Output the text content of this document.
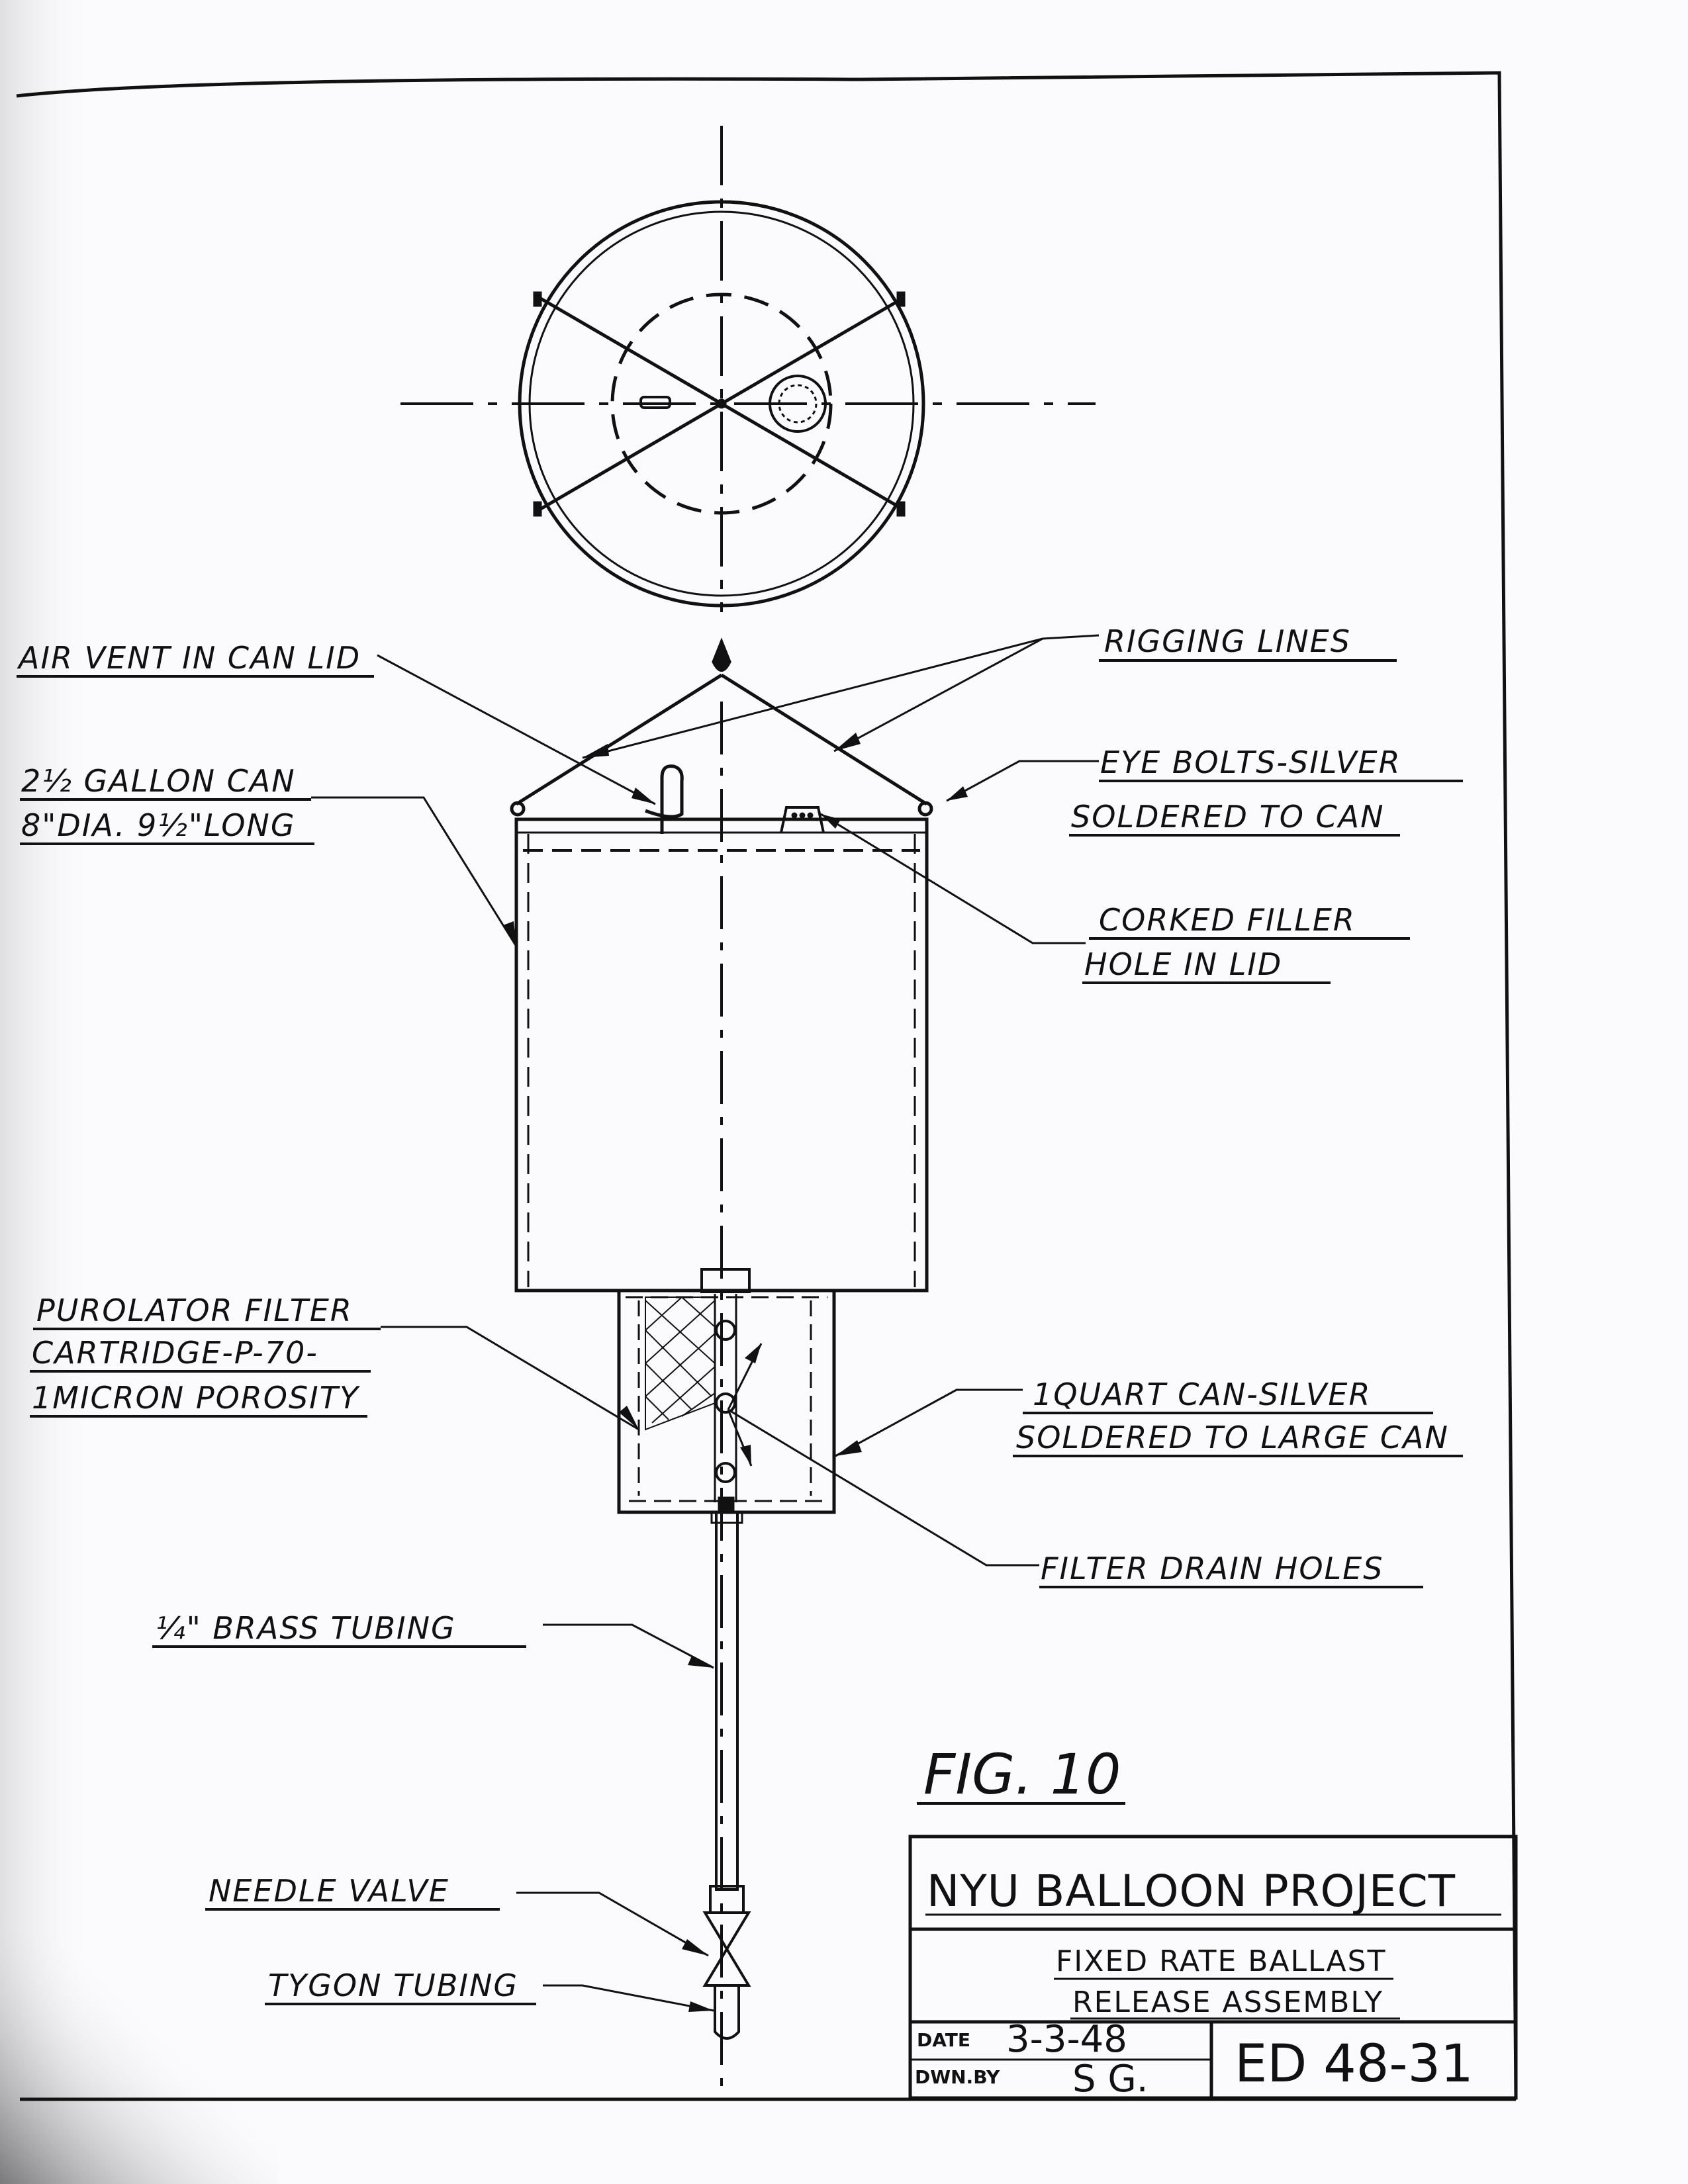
AIR VENT IN CAN LID	RIGGING LINES
2½ GALLON CAN
8"DIA. 9½"LONG
EYE BOLTS-SILVER
SOLDERED TO CAN
CORKED FILLER
HOLE IN LID
PUROLATOR FILTER
CARTRIDGE-P-70-
1MICRON POROSITY	1QUART CAN-SILVER
SOLDERED TO LARGE CAN
FILTER DRAIN HOLES
¼" BRASS TUBING
NEEDLE VALVE
TYGON TUBING
FIG. 10
NYU BALLOON PROJECT
FIXED RATE BALLAST
RELEASE ASSEMBLY
DATE 3-3-48
DWN.BY S G. ED 48-31
